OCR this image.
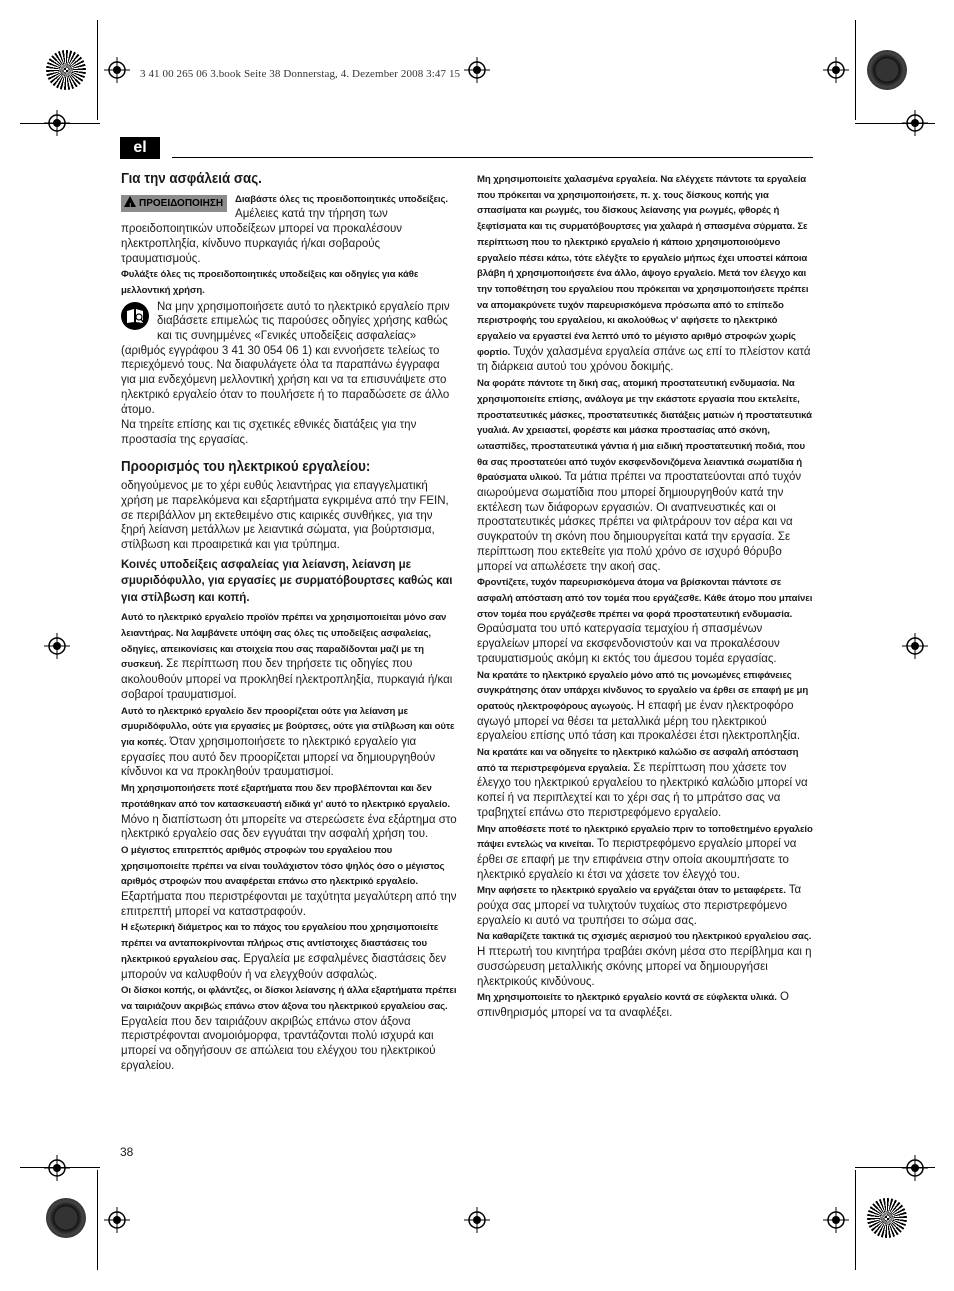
3 41 00 265 06 3.book Seite 38 Donnerstag, 4. Dezember 2008 3:47 15
el
Για την ασφάλειά σας.
! ΠΡΟΕΙΔΟΠΟΙΗΣΗ	Διαβάστε όλες τις προειδοποιητικές υποδείξεις. Αμέλειες κατά την τήρηση των προειδοποιητικών υποδείξεων μπορεί να προκαλέσουν ηλεκτροπληξία, κίνδυνο πυρκαγιάς ή/και σοβαρούς τραυματισμούς.

Φυλάξτε όλες τις προειδοποιητικές υποδείξεις και οδηγίες για κάθε μελλοντική χρήση.

Να μην χρησιμοποιήσετε αυτό το ηλεκτρικό εργαλείο πριν διαβάσετε επιμελώς τις παρούσες οδηγίες χρήσης καθώς και τις συνημμένες «Γενικές υποδείξεις ασφαλείας» (αριθμός εγγράφου 3 41 30 054 06 1) και εννοήσετε τελείως το περιεχόμενό τους. Να διαφυλάγετε όλα τα παραπάνω έγγραφα για μια ενδεχόμενη μελλοντική χρήση και να τα επισυνάψετε στο ηλεκτρικό εργαλείο όταν το πουλήσετε ή το παραδώσετε σε άλλο άτομο.

Να τηρείτε επίσης και τις σχετικές εθνικές διατάξεις για την προστασία της εργασίας.

Προορισμός του ηλεκτρικού εργαλείου:

οδηγούμενος με το χέρι ευθύς λειαντήρας για επαγγελματική χρήση με παρελκόμενα και εξαρτήματα εγκριμένα από την FEIN, σε περιβάλλον μη εκτεθειμένο στις καιρικές συνθήκες, για την ξηρή λείανση μετάλλων με λειαντικά σώματα, για βούρτσισμα, στίλβωση και προαιρετικά και για τρύπημα.

Κοινές υποδείξεις ασφαλείας για λείανση, λείανση με σμυριδόφυλλο, για εργασίες με συρματόβουρτσες καθώς και για στίλβωση και κοπή.

Αυτό το ηλεκτρικό εργαλείο προϊόν πρέπει να χρησιμοποιείται μόνο σαν λειαντήρας. Να λαμβάνετε υπόψη σας όλες τις υποδείξεις ασφαλείας, οδηγίες, απεικονίσεις και στοιχεία που σας παραδίδονται μαζί με τη συσκευή. Σε περίπτωση που δεν τηρήσετε τις οδηγίες που ακολουθούν μπορεί να προκληθεί ηλεκτροπληξία, πυρκαγιά ή/και σοβαροί τραυματισμοί.

Αυτό το ηλεκτρικό εργαλείο δεν προορίζεται ούτε για λείανση με σμυριδόφυλλο, ούτε για εργασίες με βούρτσες, ούτε για στίλβωση και ούτε για κοπές. Όταν χρησιμοποιήσετε το ηλεκτρικό εργαλείο για εργασίες που αυτό δεν προορίζεται μπορεί να δημιουργηθούν κίνδυνοι κα να προκληθούν τραυματισμοί.

Μη χρησιμοποιήσετε ποτέ εξαρτήματα που δεν προβλέπονται και δεν προτάθηκαν από τον κατασκευαστή ειδικά γι' αυτό το ηλεκτρικό εργαλείο. Μόνο η διαπίστωση ότι μπορείτε να στερεώσετε ένα εξάρτημα στο ηλεκτρικό εργαλείο σας δεν εγγυάται την ασφαλή χρήση του.

Ο μέγιστος επιτρεπτός αριθμός στροφών του εργαλείου που χρησιμοποιείτε πρέπει να είναι τουλάχιστον τόσο ψηλός όσο ο μέγιστος αριθμός στροφών που αναφέρεται επάνω στο ηλεκτρικό εργαλείο. Εξαρτήματα που περιστρέφονται με ταχύτητα μεγαλύτερη από την επιτρεπτή μπορεί να καταστραφούν.

Η εξωτερική διάμετρος και το πάχος του εργαλείου που χρησιμοποιείτε πρέπει να ανταποκρίνονται πλήρως στις αντίστοιχες διαστάσεις του ηλεκτρικού εργαλείου σας. Εργαλεία με εσφαλμένες διαστάσεις δεν μπορούν να καλυφθούν ή να ελεγχθούν ασφαλώς.

Οι δίσκοι κοπής, οι φλάντζες, οι δίσκοι λείανσης ή άλλα εξαρτήματα πρέπει να ταιριάζουν ακριβώς επάνω στον άξονα του ηλεκτρικού εργαλείου σας. Εργαλεία που δεν ταιριάζουν ακριβώς επάνω στον άξονα περιστρέφονται ανομοιόμορφα, τραντάζονται πολύ ισχυρά και μπορεί να οδηγήσουν σε απώλεια του ελέγχου του ηλεκτρικού εργαλείου.

Μη χρησιμοποιείτε χαλασμένα εργαλεία. Να ελέγχετε πάντοτε τα εργαλεία που πρόκειται να χρησιμοποιήσετε, π. χ. τους δίσκους κοπής για σπασίματα και ρωγμές, του δίσκους λείανσης για ρωγμές, φθορές ή ξεφτίσματα και τις συρματόβουρτσες για χαλαρά ή σπασμένα σύρματα. Σε περίπτωση που το ηλεκτρικό εργαλείο ή κάποιο χρησιμοποιούμενο εργαλείο πέσει κάτω, τότε ελέγξτε το εργαλείο μήπως έχει υποστεί κάποια βλάβη ή χρησιμοποιήσετε ένα άλλο, άψογο εργαλείο. Μετά τον έλεγχο και την τοποθέτηση του εργαλείου που πρόκειται να χρησιμοποιήσετε πρέπει να απομακρύνετε τυχόν παρευρισκόμενα πρόσωπα από το επίπεδο περιστροφής του εργαλείου, κι ακολούθως ν' αφήσετε το ηλεκτρικό εργαλείο να εργαστεί ένα λεπτό υπό το μέγιστο αριθμό στροφών χωρίς φορτίο. Τυχόν χαλασμένα εργαλεία σπάνε ως επί το πλείστον κατά τη διάρκεια αυτού του χρόνου δοκιμής.

Να φοράτε πάντοτε τη δική σας, ατομική προστατευτική ενδυμασία. Να χρησιμοποιείτε επίσης, ανάλογα με την εκάστοτε εργασία που εκτελείτε, προστατευτικές μάσκες, προστατευτικές διατάξεις ματιών ή προστατευτικά γυαλιά. Αν χρειαστεί, φορέστε και μάσκα προστασίας από σκόνη, ωτασπίδες, προστατευτικά γάντια ή μια ειδική προστατευτική ποδιά, που θα σας προστατεύει από τυχόν εκσφενδονιζόμενα λειαντικά σωματίδια ή θραύσματα υλικού. Τα μάτια πρέπει να προστατεύονται από τυχόν αιωρούμενα σωματίδια που μπορεί δημιουργηθούν κατά την εκτέλεση των διάφορων εργασιών. Οι αναπνευστικές και οι προστατευτικές μάσκες πρέπει να φιλτράρουν τον αέρα και να συγκρατούν τη σκόνη που δημιουργείται κατά την εργασία. Σε περίπτωση που εκτεθείτε για πολύ χρόνο σε ισχυρό θόρυβο μπορεί να απωλέσετε την ακοή σας.

Φροντίζετε, τυχόν παρευρισκόμενα άτομα να βρίσκονται πάντοτε σε ασφαλή απόσταση από τον τομέα που εργάζεσθε. Κάθε άτομο που μπαίνει στον τομέα που εργάζεσθε πρέπει να φορά προστατευτική ενδυμασία. Θραύσματα του υπό κατεργασία τεμαχίου ή σπασμένων εργαλείων μπορεί να εκσφενδονιστούν και να προκαλέσουν τραυματισμούς ακόμη κι εκτός του άμεσου τομέα εργασίας.

Να κρατάτε το ηλεκτρικό εργαλείο μόνο από τις μονωμένες επιφάνειες συγκράτησης όταν υπάρχει κίνδυνος το εργαλείο να έρθει σε επαφή με μη ορατούς ηλεκτροφόρους αγωγούς. Η επαφή με έναν ηλεκτροφόρο αγωγό μπορεί να θέσει τα μεταλλικά μέρη του ηλεκτρικού εργαλείου επίσης υπό τάση και προκαλέσει έτσι ηλεκτροπληξία.

Να κρατάτε και να οδηγείτε το ηλεκτρικό καλώδιο σε ασφαλή απόσταση από τα περιστρεφόμενα εργαλεία. Σε περίπτωση που χάσετε τον έλεγχο του ηλεκτρικού εργαλείου το ηλεκτρικό καλώδιο μπορεί να κοπεί ή να περιπλεχτεί και το χέρι σας ή το μπράτσο σας να τραβηχτεί επάνω στο περιστρεφόμενο εργαλείο.

Μην αποθέσετε ποτέ το ηλεκτρικό εργαλείο πριν το τοποθετημένο εργαλείο πάψει εντελώς να κινείται. Το περιστρεφόμενο εργαλείο μπορεί να έρθει σε επαφή με την επιφάνεια στην οποία ακουμπήσατε το ηλεκτρικό εργαλείο κι έτσι να χάσετε τον έλεγχό του.

Μην αφήσετε το ηλεκτρικό εργαλείο να εργάζεται όταν το μεταφέρετε. Τα ρούχα σας μπορεί να τυλιχτούν τυχαίως στο περιστρεφόμενο εργαλείο κι αυτό να τρυπήσει το σώμα σας.

Να καθαρίζετε τακτικά τις σχισμές αερισμού του ηλεκτρικού εργαλείου σας. Η πτερωτή του κινητήρα τραβάει σκόνη μέσα στο περίβλημα και η συσσώρευση μεταλλικής σκόνης μπορεί να δημιουργήσει ηλεκτρικούς κινδύνους.

Μη χρησιμοποιείτε το ηλεκτρικό εργαλείο κοντά σε εύφλεκτα υλικά. Ο σπινθηρισμός μπορεί να τα αναφλέξει.

38
